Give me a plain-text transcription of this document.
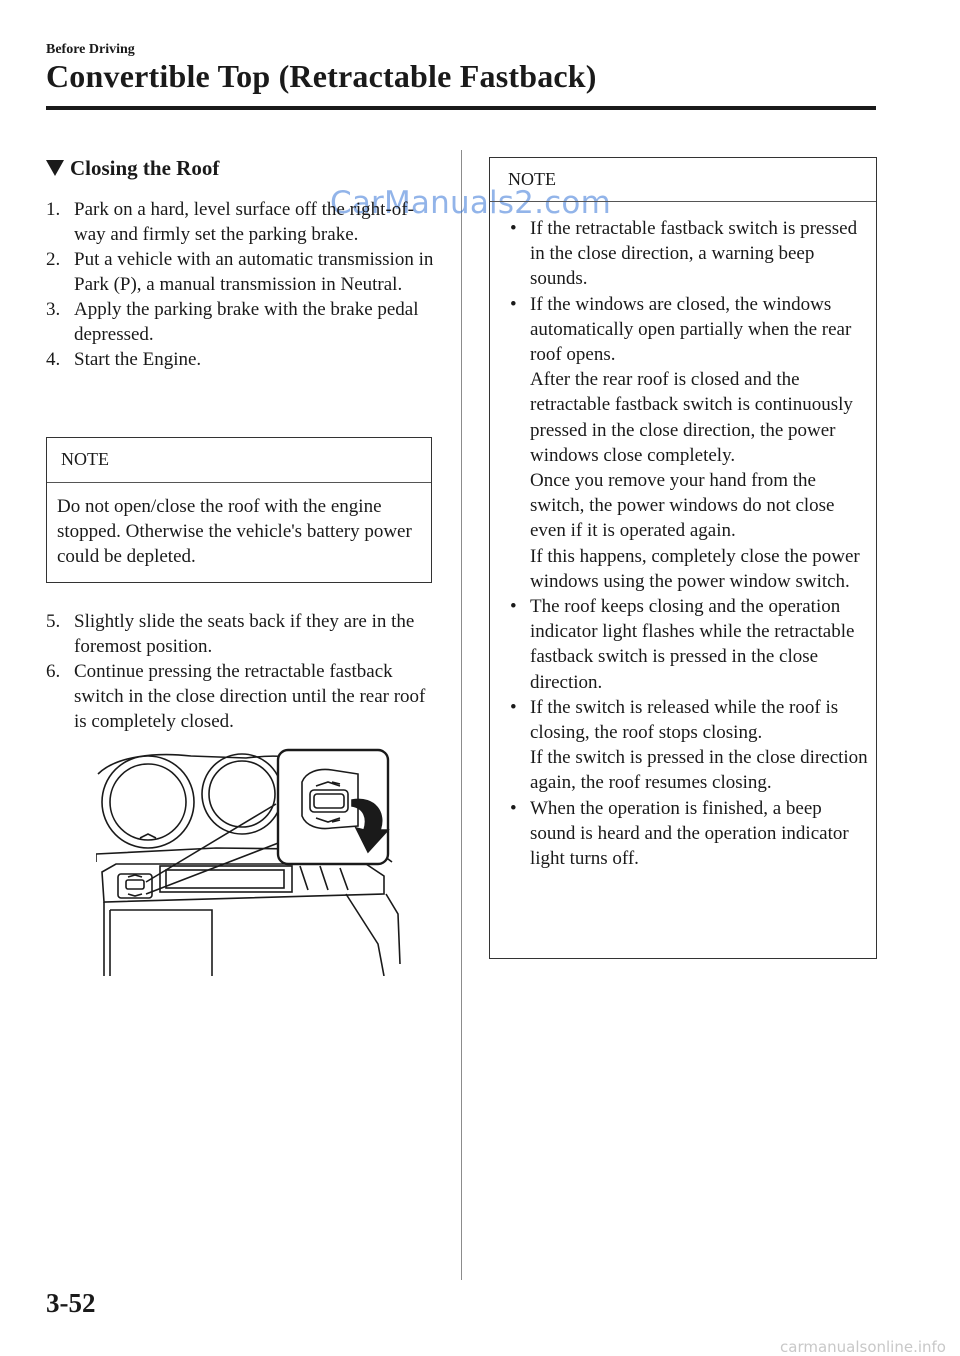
Before Driving
Convertible Top (Retractable Fastback)
Closing the Roof
CarManuals2.com
1. Park on a hard, level surface off the right-of-way and firmly set the parking brake.
2. Put a vehicle with an automatic transmission in Park (P), a manual transmission in Neutral.
3. Apply the parking brake with the brake pedal depressed.
4. Start the Engine.
NOTE
Do not open/close the roof with the engine stopped. Otherwise the vehicle's battery power could be depleted.
5. Slightly slide the seats back if they are in the foremost position.
6. Continue pressing the retractable fastback switch in the close direction until the rear roof is completely closed.
NOTE
• If the retractable fastback switch is pressed in the close direction, a warning beep sounds.
• If the windows are closed, the windows automatically open partially when the rear roof opens.
After the rear roof is closed and the retractable fastback switch is continuously pressed in the close direction, the power windows close completely.
Once you remove your hand from the switch, the power windows do not close even if it is operated again.
If this happens, completely close the power windows using the power window switch.
• The roof keeps closing and the operation indicator light flashes while the retractable fastback switch is pressed in the close direction.
• If the switch is released while the roof is closing, the roof stops closing.
If the switch is pressed in the close direction again, the roof resumes closing.
• When the operation is finished, a beep sound is heard and the operation indicator light turns off.
3-52
carmanualsonline.info
